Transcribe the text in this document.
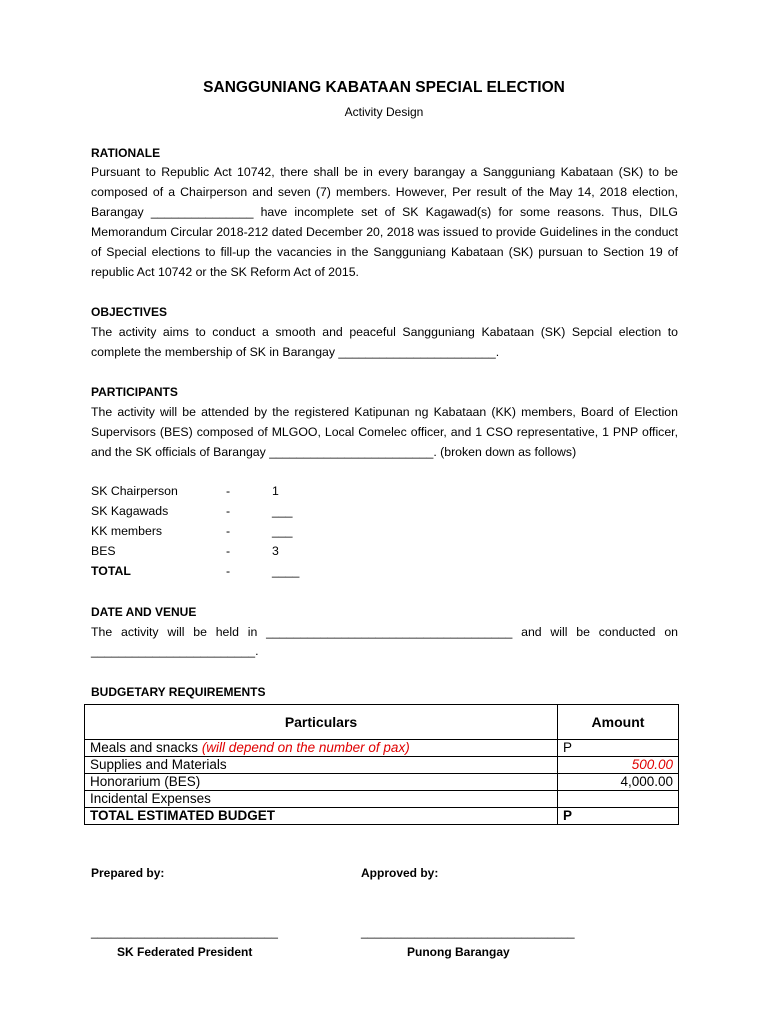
SANGGUNIANG KABATAAN SPECIAL ELECTION
Activity Design
RATIONALE
Pursuant to Republic Act 10742, there shall be in every barangay a Sangguniang Kabataan (SK) to be composed of a Chairperson and seven (7) members. However, Per result of the May 14, 2018 election, Barangay _______________ have incomplete set of SK Kagawad(s) for some reasons. Thus, DILG Memorandum Circular 2018-212 dated December 20, 2018 was issued to provide Guidelines in the conduct of Special elections to fill-up the vacancies in the Sangguniang Kabataan (SK) pursuan to Section 19 of republic Act 10742 or the SK Reform Act of 2015.
OBJECTIVES
The activity aims to conduct a smooth and peaceful Sangguniang Kabataan (SK) Sepcial election to complete the membership of SK in Barangay _______________________.
PARTICIPANTS
The activity will be attended by the registered Katipunan ng Kabataan (KK) members, Board of Election Supervisors (BES) composed of MLGOO, Local Comelec officer, and 1 CSO representative, 1 PNP officer, and the SK officials of Barangay ________________________. (broken down as follows)
SK Chairperson	-	1
SK Kagawads	-	___
KK members	-	___
BES	-	3
TOTAL	-	____
DATE AND VENUE
The activity will be held in ____________________________________ and will be conducted on
________________________.
BUDGETARY REQUIREMENTS
Particulars	Amount
Meals and snacks (will depend on the number of pax)	P
Supplies and Materials	500.00
Honorarium (BES)	4,000.00
Incidental Expenses	
TOTAL ESTIMATED BUDGET	P
Prepared by:	Approved by:
____________________________	________________________________
SK Federated President	Punong Barangay
